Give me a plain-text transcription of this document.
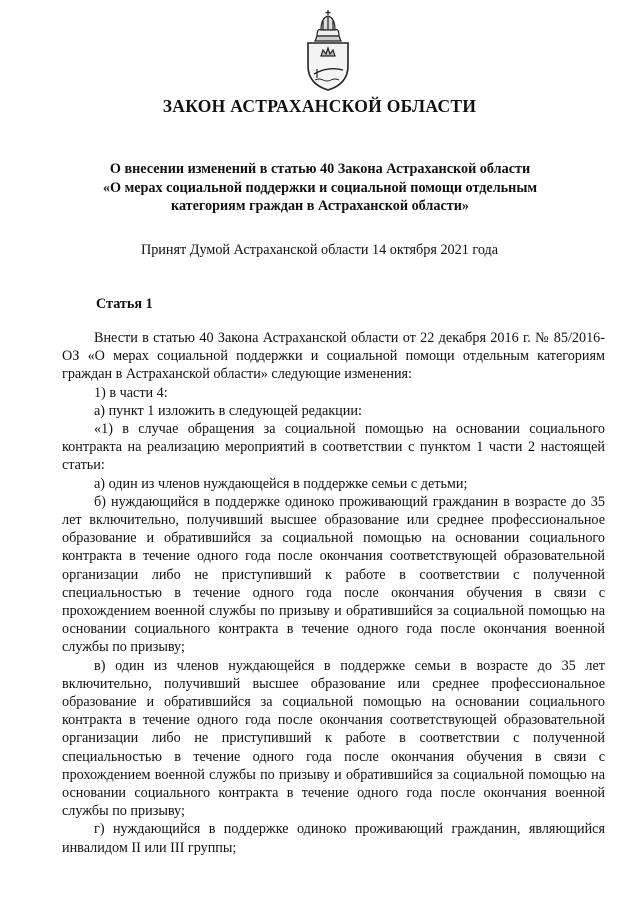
ЗАКОН АСТРАХАНСКОЙ ОБЛАСТИ
О внесении изменений в статью 40 Закона Астраханской области
«О мерах социальной поддержки и социальной помощи отдельным
категориям граждан в Астраханской области»
Принят Думой Астраханской области 14 октября 2021 года
Статья 1

Внести в статью 40 Закона Астраханской области от 22 декабря 2016 г. № 85/2016-ОЗ «О мерах социальной поддержки и социальной помощи отдельным категориям граждан в Астраханской области» следующие изменения:

1) в части 4:

а) пункт 1 изложить в следующей редакции:

«1) в случае обращения за социальной помощью на основании социального контракта на реализацию мероприятий в соответствии с пунктом 1 части 2 настоящей статьи:

а) один из членов нуждающейся в поддержке семьи с детьми;

б) нуждающийся в поддержке одиноко проживающий гражданин в возрасте до 35 лет включительно, получивший высшее образование или среднее профессиональное образование и обратившийся за социальной помощью на основании социального контракта в течение одного года после окончания соответствующей образовательной организации либо не приступивший к работе в соответствии с полученной специальностью в течение одного года после окончания обучения в связи с прохождением военной службы по призыву и обратившийся за социальной помощью на основании социального контракта в течение одного года после окончания военной службы по призыву;

в) один из членов нуждающейся в поддержке семьи в возрасте до 35 лет включительно, получивший высшее образование или среднее профессиональное образование и обратившийся за социальной помощью на основании социального контракта в течение одного года после окончания соответствующей образовательной организации либо не приступивший к работе в соответствии с полученной специальностью в течение одного года после окончания обучения в связи с прохождением военной службы по призыву и обратившийся за социальной помощью на основании социального контракта в течение одного года после окончания военной службы по призыву;

г) нуждающийся в поддержке одиноко проживающий гражданин, являющийся инвалидом II или III группы;
